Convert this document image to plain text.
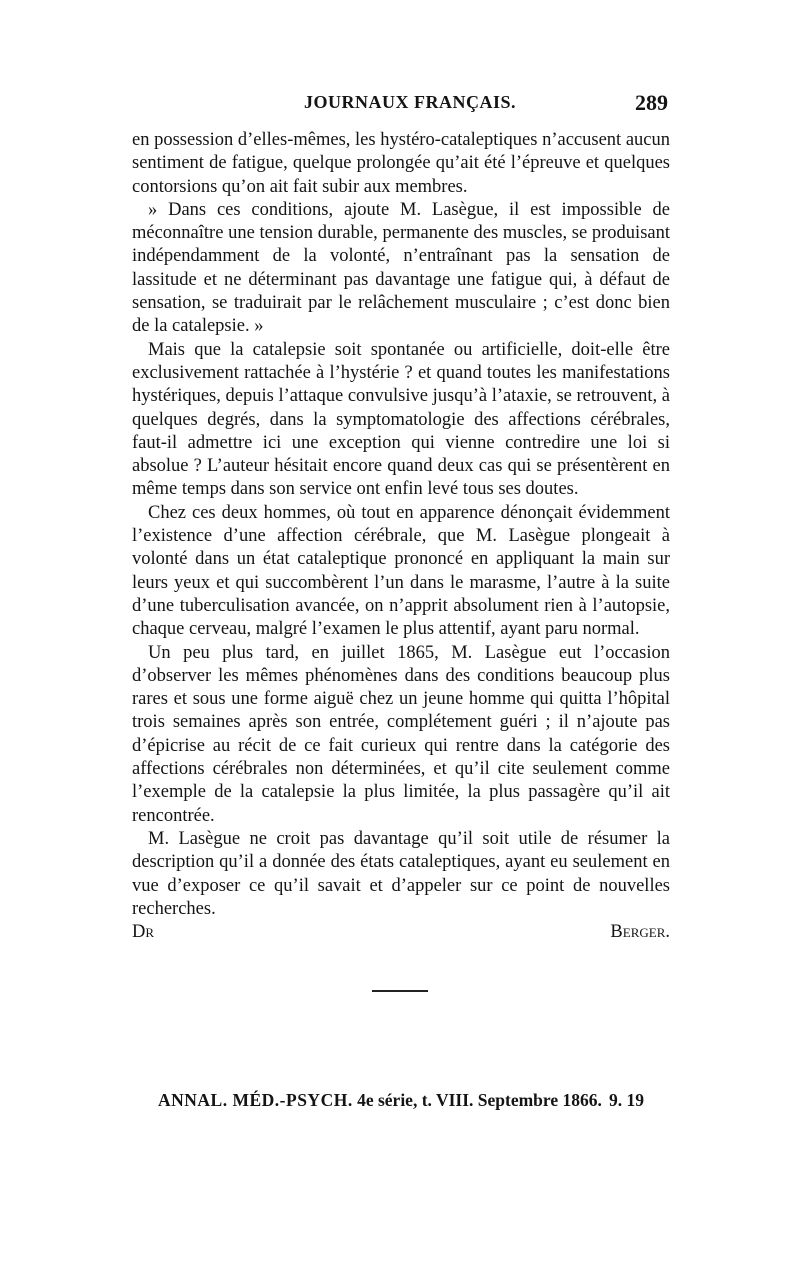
JOURNAUX FRANÇAIS.	289

en possession d’elles-mêmes, les hystéro-cataleptiques n’accusent aucun sentiment de fatigue, quelque prolongée qu’ait été l’épreuve et quelques contorsions qu’on ait fait subir aux membres.

» Dans ces conditions, ajoute M. Lasègue, il est impossible de méconnaître une tension durable, permanente des muscles, se produisant indépendamment de la volonté, n’entraînant pas la sensation de lassitude et ne déterminant pas davantage une fatigue qui, à défaut de sensation, se traduirait par le relâchement musculaire ; c’est donc bien de la catalepsie. »

Mais que la catalepsie soit spontanée ou artificielle, doit-elle être exclusivement rattachée à l’hystérie ? et quand toutes les manifestations hystériques, depuis l’attaque convulsive jusqu’à l’ataxie, se retrouvent, à quelques degrés, dans la symptomatologie des affections cérébrales, faut-il admettre ici une exception qui vienne contredire une loi si absolue ? L’auteur hésitait encore quand deux cas qui se présentèrent en même temps dans son service ont enfin levé tous ses doutes.

Chez ces deux hommes, où tout en apparence dénonçait évidemment l’existence d’une affection cérébrale, que M. Lasègue plongeait à volonté dans un état cataleptique prononcé en appliquant la main sur leurs yeux et qui succombèrent l’un dans le marasme, l’autre à la suite d’une tuberculisation avancée, on n’apprit absolument rien à l’autopsie, chaque cerveau, malgré l’examen le plus attentif, ayant paru normal.

Un peu plus tard, en juillet 1865, M. Lasègue eut l’occasion d’observer les mêmes phénomènes dans des conditions beaucoup plus rares et sous une forme aiguë chez un jeune homme qui quitta l’hôpital trois semaines après son entrée, complétement guéri ; il n’ajoute pas d’épicrise au récit de ce fait curieux qui rentre dans la catégorie des affections cérébrales non déterminées, et qu’il cite seulement comme l’exemple de la catalepsie la plus limitée, la plus passagère qu’il ait rencontrée.

M. Lasègue ne croit pas davantage qu’il soit utile de résumer la description qu’il a donnée des états cataleptiques, ayant eu seulement en vue d’exposer ce qu’il savait et d’appeler sur ce point de nouvelles recherches.

Dr Berger.

ANNAL. MÉD.-PSYCH. 4e série, t. VIII. Septembre 1866. 9. 19
